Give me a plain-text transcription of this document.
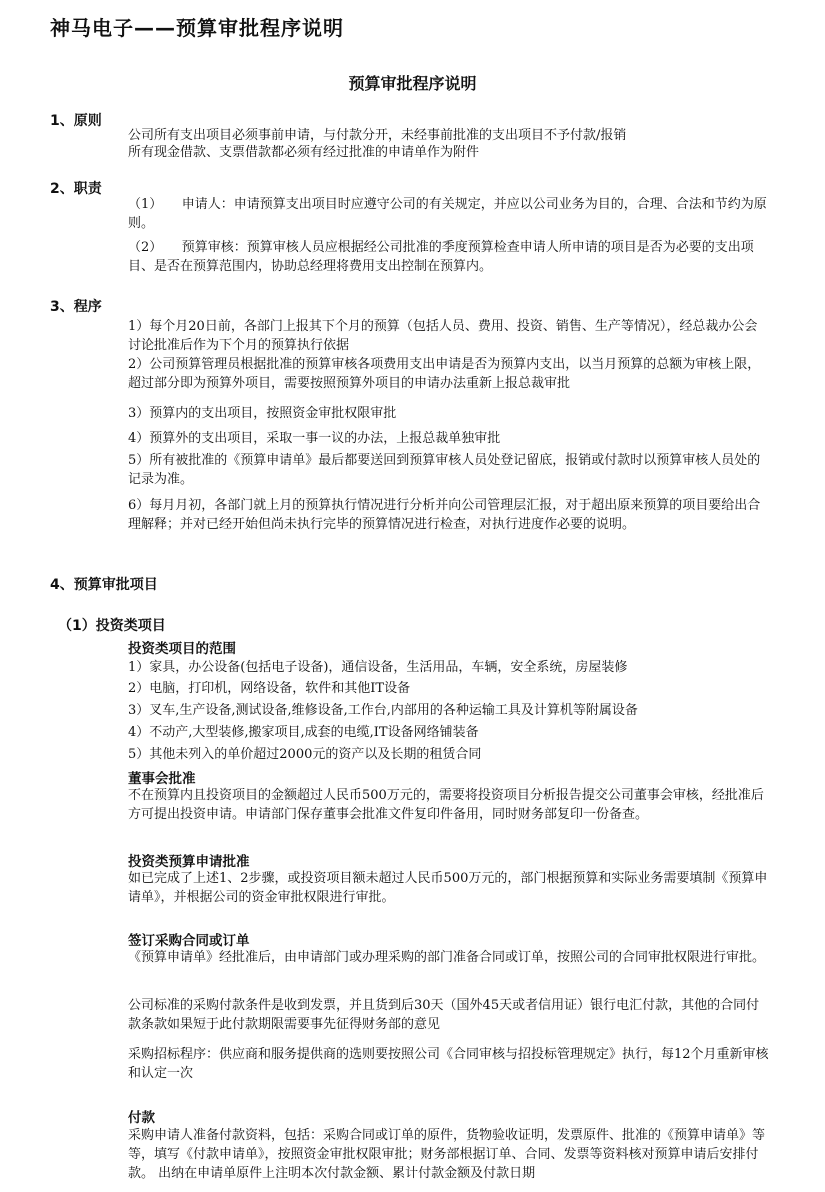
神马电子——预算审批程序说明
预算审批程序说明
1、原则
公司所有支出项目必须事前申请，与付款分开，未经事前批准的支出项目不予付款/报销
所有现金借款、支票借款都必须有经过批准的申请单作为附件
2、职责
（1）　　申请人：申请预算支出项目时应遵守公司的有关规定，并应以公司业务为目的，合理、合法和节约为原则。
（2）　　预算审核：预算审核人员应根据经公司批准的季度预算检查申请人所申请的项目是否为必要的支出项目、是否在预算范围内，协助总经理将费用支出控制在预算内。
3、程序
1）每个月20日前，各部门上报其下个月的预算（包括人员、费用、投资、销售、生产等情况），经总裁办公会讨论批准后作为下个月的预算执行依据
2）公司预算管理员根据批准的预算审核各项费用支出申请是否为预算内支出，以当月预算的总额为审核上限，超过部分即为预算外项目，需要按照预算外项目的申请办法重新上报总裁审批
3）预算内的支出项目，按照资金审批权限审批
4）预算外的支出项目，采取一事一议的办法，上报总裁单独审批
5）所有被批准的《预算申请单》最后都要送回到预算审核人员处登记留底，报销或付款时以预算审核人员处的记录为准。
6）每月月初，各部门就上月的预算执行情况进行分析并向公司管理层汇报，对于超出原来预算的项目要给出合理解释；并对已经开始但尚未执行完毕的预算情况进行检查，对执行进度作必要的说明。
4、预算审批项目
（1）投资类项目
投资类项目的范围
1）家具，办公设备(包括电子设备)，通信设备，生活用品，车辆，安全系统，房屋装修
2）电脑，打印机，网络设备，软件和其他IT设备
3）叉车,生产设备,测试设备,维修设备,工作台,内部用的各种运输工具及计算机等附属设备
4）不动产,大型装修,搬家项目,成套的电缆,IT设备网络铺装备
5）其他未列入的单价超过2000元的资产以及长期的租赁合同
董事会批准
不在预算内且投资项目的金额超过人民币500万元的，需要将投资项目分析报告提交公司董事会审核，经批准后方可提出投资申请。申请部门保存董事会批准文件复印件备用，同时财务部复印一份备查。
投资类预算申请批准
如已完成了上述1、2步骤，或投资项目额未超过人民币500万元的，部门根据预算和实际业务需要填制《预算申请单》，并根据公司的资金审批权限进行审批。
签订采购合同或订单
《预算申请单》经批准后，由申请部门或办理采购的部门准备合同或订单，按照公司的合同审批权限进行审批。
公司标准的采购付款条件是收到发票，并且货到后30天（国外45天或者信用证）银行电汇付款，其他的合同付款条款如果短于此付款期限需要事先征得财务部的意见
采购招标程序：供应商和服务提供商的选则要按照公司《合同审核与招投标管理规定》执行，每12个月重新审核和认定一次
付款
采购申请人准备付款资料，包括：采购合同或订单的原件，货物验收证明，发票原件、批准的《预算申请单》等等，填写《付款申请单》，按照资金审批权限审批；财务部根据订单、合同、发票等资料核对预算申请后安排付款。 出纳在申请单原件上注明本次付款金额、累计付款金额及付款日期
